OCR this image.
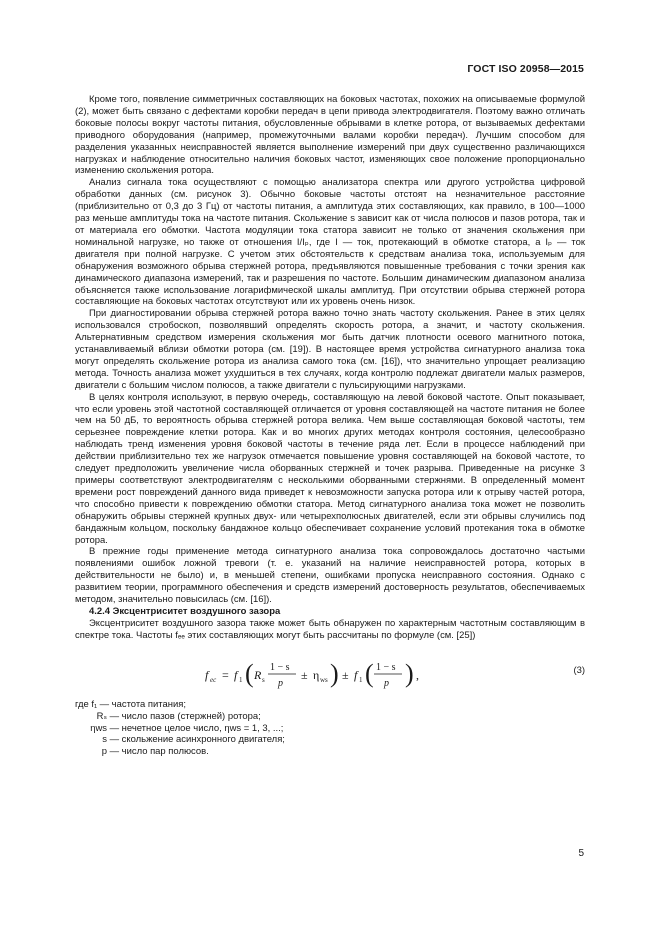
ГОСТ ISO 20958—2015

Кроме того, появление симметричных составляющих на боковых частотах, похожих на описываемые формулой (2), может быть связано с дефектами коробки передач в цепи привода электродвигателя. Поэтому важно отличать боковые полосы вокруг частоты питания, обусловленные обрывами в клетке ротора, от вызываемых дефектами приводного оборудования (например, промежуточными валами коробки передач). Лучшим способом для разделения указанных неисправностей является выполнение измерений при двух существенно различающихся нагрузках и наблюдение относительно наличия боковых частот, изменяющих свое положение пропорционально изменению скольжения ротора.

Анализ сигнала тока осуществляют с помощью анализатора спектра или другого устройства цифровой обработки данных (см. рисунок 3). Обычно боковые частоты отстоят на незначительное расстояние (приблизительно от 0,3 до 3 Гц) от частоты питания, а амплитуда этих составляющих, как правило, в 100—1000 раз меньше амплитуды тока на частоте питания. Скольжение s зависит как от числа полюсов и пазов ротора, так и от материала его обмотки. Частота модуляции тока статора зависит не только от значения скольжения при номинальной нагрузке, но также от отношения I/Iₚ, где I — ток, протекающий в обмотке статора, а Iₚ — ток двигателя при полной нагрузке. С учетом этих обстоятельств к средствам анализа тока, используемым для обнаружения возможного обрыва стержней ротора, предъявляются повышенные требования с точки зрения как динамического диапазона измерений, так и разрешения по частоте. Большим динамическим диапазоном анализа объясняется также использование логарифмической шкалы амплитуд. При отсутствии обрыва стержней ротора составляющие на боковых частотах отсутствуют или их уровень очень низок.

При диагностировании обрыва стержней ротора важно точно знать частоту скольжения. Ранее в этих целях использовался стробоскоп, позволявший определять скорость ротора, а значит, и частоту скольжения. Альтернативным средством измерения скольжения мог быть датчик плотности осевого магнитного потока, устанавливаемый вблизи обмотки ротора (см. [19]). В настоящее время устройства сигнатурного анализа тока могут определять скольжение ротора из анализа самого тока (см. [16]), что значительно упрощает реализацию метода. Точность анализа может ухудшиться в тех случаях, когда контролю подлежат двигатели малых размеров, двигатели с большим числом полюсов, а также двигатели с пульсирующими нагрузками.

В целях контроля используют, в первую очередь, составляющую на левой боковой частоте. Опыт показывает, что если уровень этой частотной составляющей отличается от уровня составляющей на частоте питания не более чем на 50 дБ, то вероятность обрыва стержней ротора велика. Чем выше составляющая боковой частоты, тем серьезнее повреждение клетки ротора. Как и во многих других методах контроля состояния, целесообразно наблюдать тренд изменения уровня боковой частоты в течение ряда лет. Если в процессе наблюдений при действии приблизительно тех же нагрузок отмечается повышение уровня составляющей на боковой частоте, то следует предположить увеличение числа оборванных стержней и точек разрыва. Приведенные на рисунке 3 примеры соответствуют электродвигателям с несколькими оборванными стержнями. В определенный момент времени рост повреждений данного вида приведет к невозможности запуска ротора или к отрыву частей ротора, что способно привести к повреждению обмотки статора. Метод сигнатурного анализа тока может не позволить обнаружить обрывы стержней крупных двух- или четырехполюсных двигателей, если эти обрывы случились под бандажным кольцом, поскольку бандажное кольцо обеспечивает сохранение условий протекания тока в обмотке ротора.

В прежние годы применение метода сигнатурного анализа тока сопровождалось достаточно частыми появлениями ошибок ложной тревоги (т. е. указаний на наличие неисправностей ротора, которых в действительности не было) и, в меньшей степени, ошибками пропуска неисправного состояния. Однако с развитием теории, программного обеспечения и средств измерений достоверность результатов, обеспечиваемых методом, значительно повысилась (см. [16]).

4.2.4 Эксцентриситет воздушного зазора

Эксцентриситет воздушного зазора также может быть обнаружен по характерным частотным составляющим в спектре тока. Частоты fₑₑ этих составляющих могут быть рассчитаны по формуле (см. [25])

f ec = f 1 ( R s
1 − s
p
± η ws ) ± f 1 ( 1 − s
p ) ,	(3)
где f₁ — частота питания;
Rₛ — число пазов (стержней) ротора;
ηws — нечетное целое число, ηws = 1, 3, ...;
s — скольжение асинхронного двигателя;
p — число пар полюсов.
5
